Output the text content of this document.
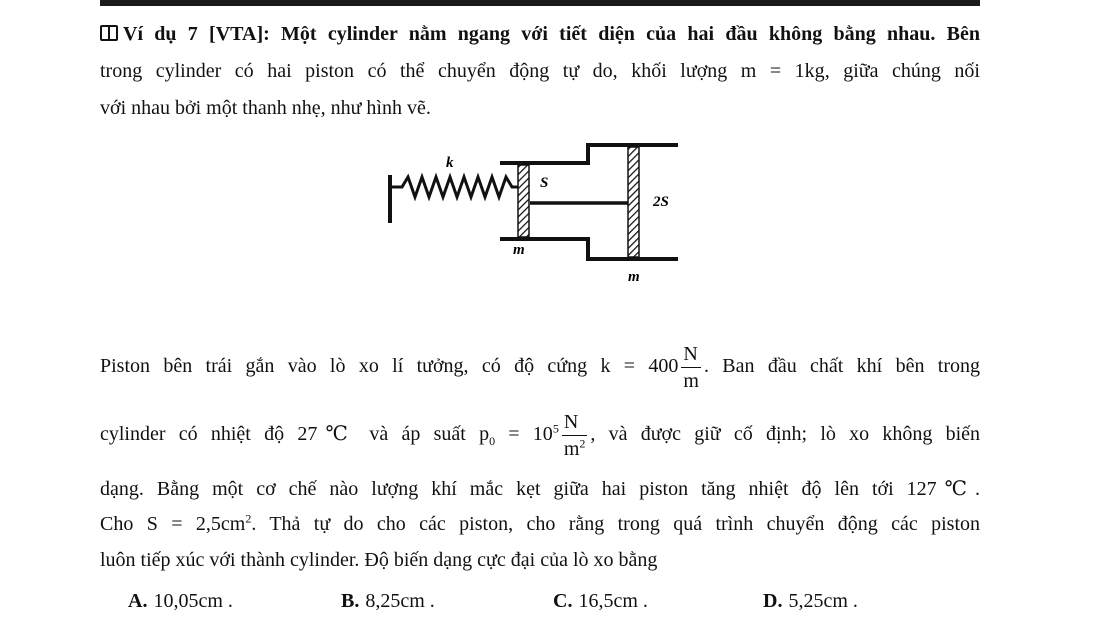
Ví dụ 7 [VTA]: Một cylinder nằm ngang với tiết diện của hai đầu không bằng nhau. Bên
trong cylinder có hai piston có thể chuyển động tự do, khối lượng m = 1kg, giữa chúng nối
với nhau bởi một thanh nhẹ, như hình vẽ.
k
S
2S
m
m
Piston bên trái gắn vào lò xo lí tưởng, có độ cứng $k = 400 \frac{N}{m}$ . Ban đầu chất khí bên trong
cylinder có nhiệt độ 27℃ và áp suất $p_0 = 10^5 \frac{N}{m^2}$ , và được giữ cố định; lò xo không biến
dạng. Bằng một cơ chế nào lượng khí mắc kẹt giữa hai piston tăng nhiệt độ lên tới 127℃.
Cho $S = 2,5cm^2$. Thả tự do cho các piston, cho rằng trong quá trình chuyển động các piston
luôn tiếp xúc với thành cylinder. Độ biến dạng cực đại của lò xo bằng
A. 10,05cm .	B. 8,25cm .	C. 16,5cm .	D. 5,25cm .
